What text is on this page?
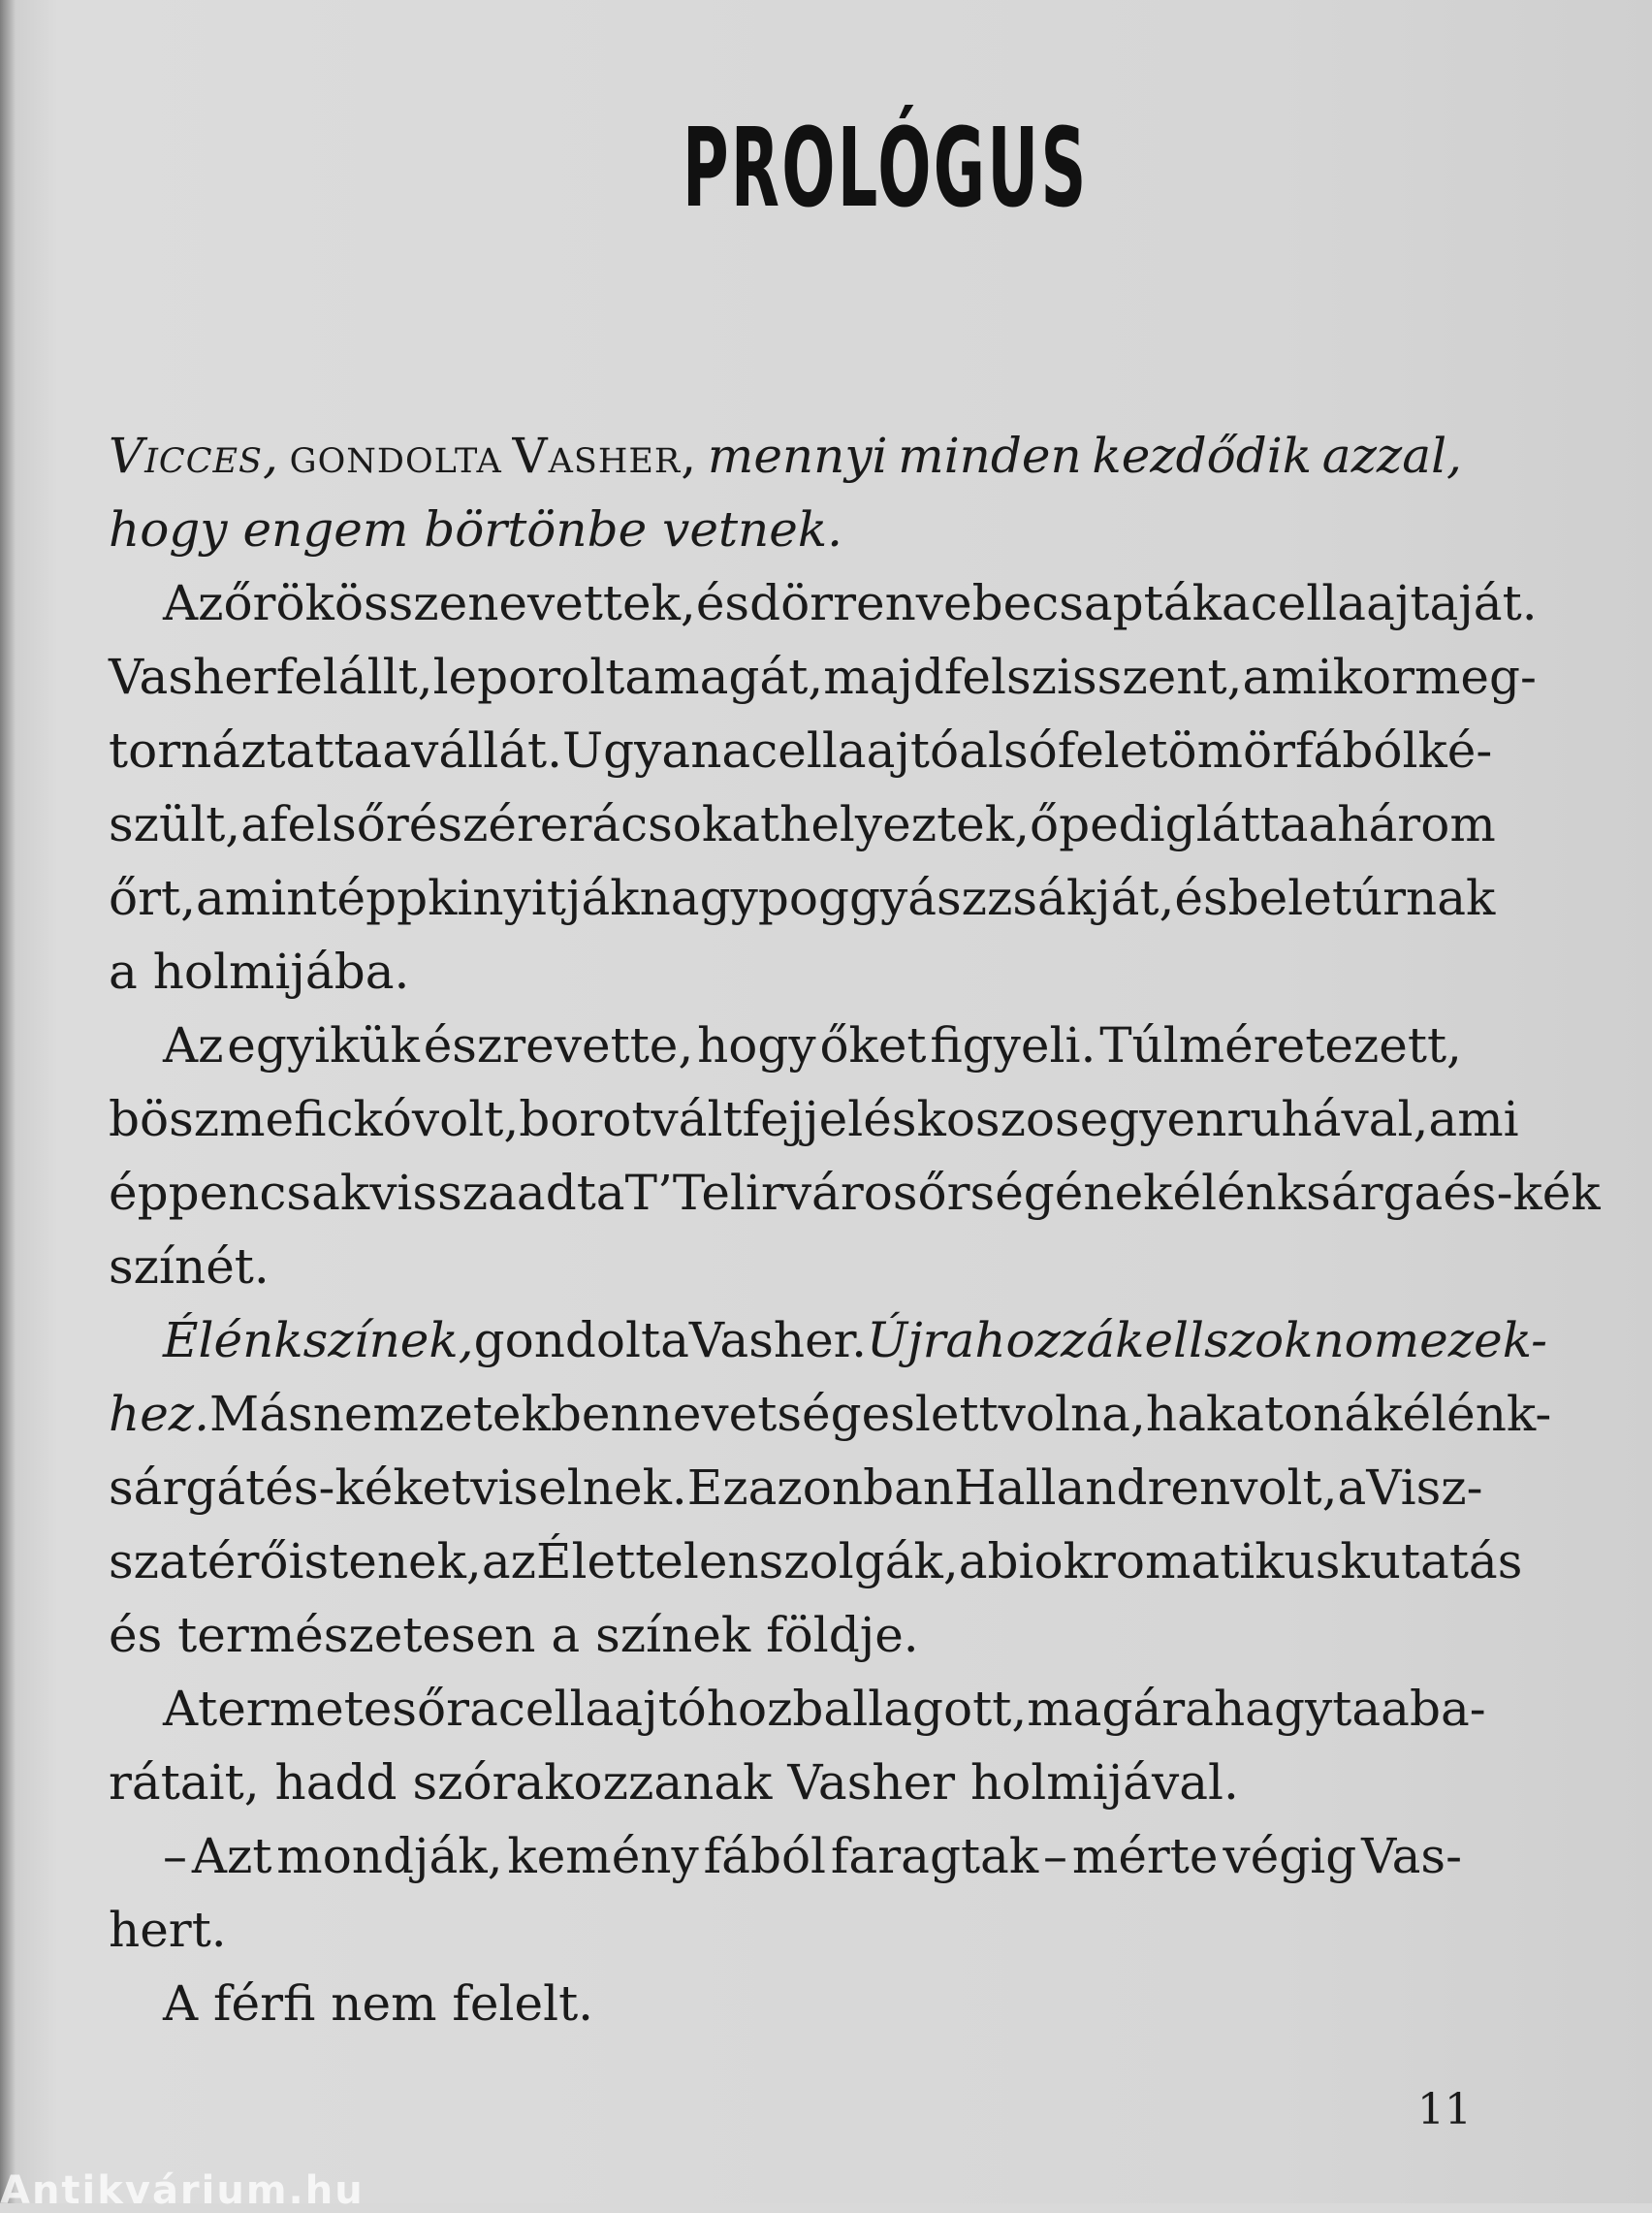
PROLÓGUS
Vicces, gondolta Vasher, mennyi minden kezdődik azzal,
hogy
engem
börtönbe
vetnek.

Az őrök összenevettek, és dörrenve becsapták a cella ajtaját.
Vasher felállt, leporolta magát, majd felszisszent, amikor meg-
tornáztatta a vállát. Ugyan a cellaajtó alsó fele tömör fából ké-
szült, a felső részére rácsokat helyeztek, ő pedig látta a három
őrt, amint épp kinyitják nagy poggyászzsákját, és beletúrnak
a
holmijába.

Az egyikük észrevette, hogy őket figyeli. Túlméretezett,
böszme fickó volt, borotvált fejjel és koszos egyenruhával, ami
éppen csak visszaadta T’Telir városőrségének élénksárga és -kék
színét.

Élénk színek, gondolta Vasher. Újra hozzá kell szoknom ezek-
hez. Más nemzetekben nevetséges lett volna, ha katonák élénk-
sárgát és -kéket viselnek. Ez azonban Hallandren volt, a Visz-
szatérő istenek, az Élettelen szolgák, a biokromatikus kutatás
és
természetesen
a
színek
földje.

A termetes őr a cellaajtóhoz ballagott, magára hagyta a ba-
rátait,
hadd
szórakozzanak
Vasher
holmijával.

– Azt mondják, kemény fából faragtak – mérte végig Vas-
hert.

A
férfi
nem
felelt.

11
Antikvárium.hu
